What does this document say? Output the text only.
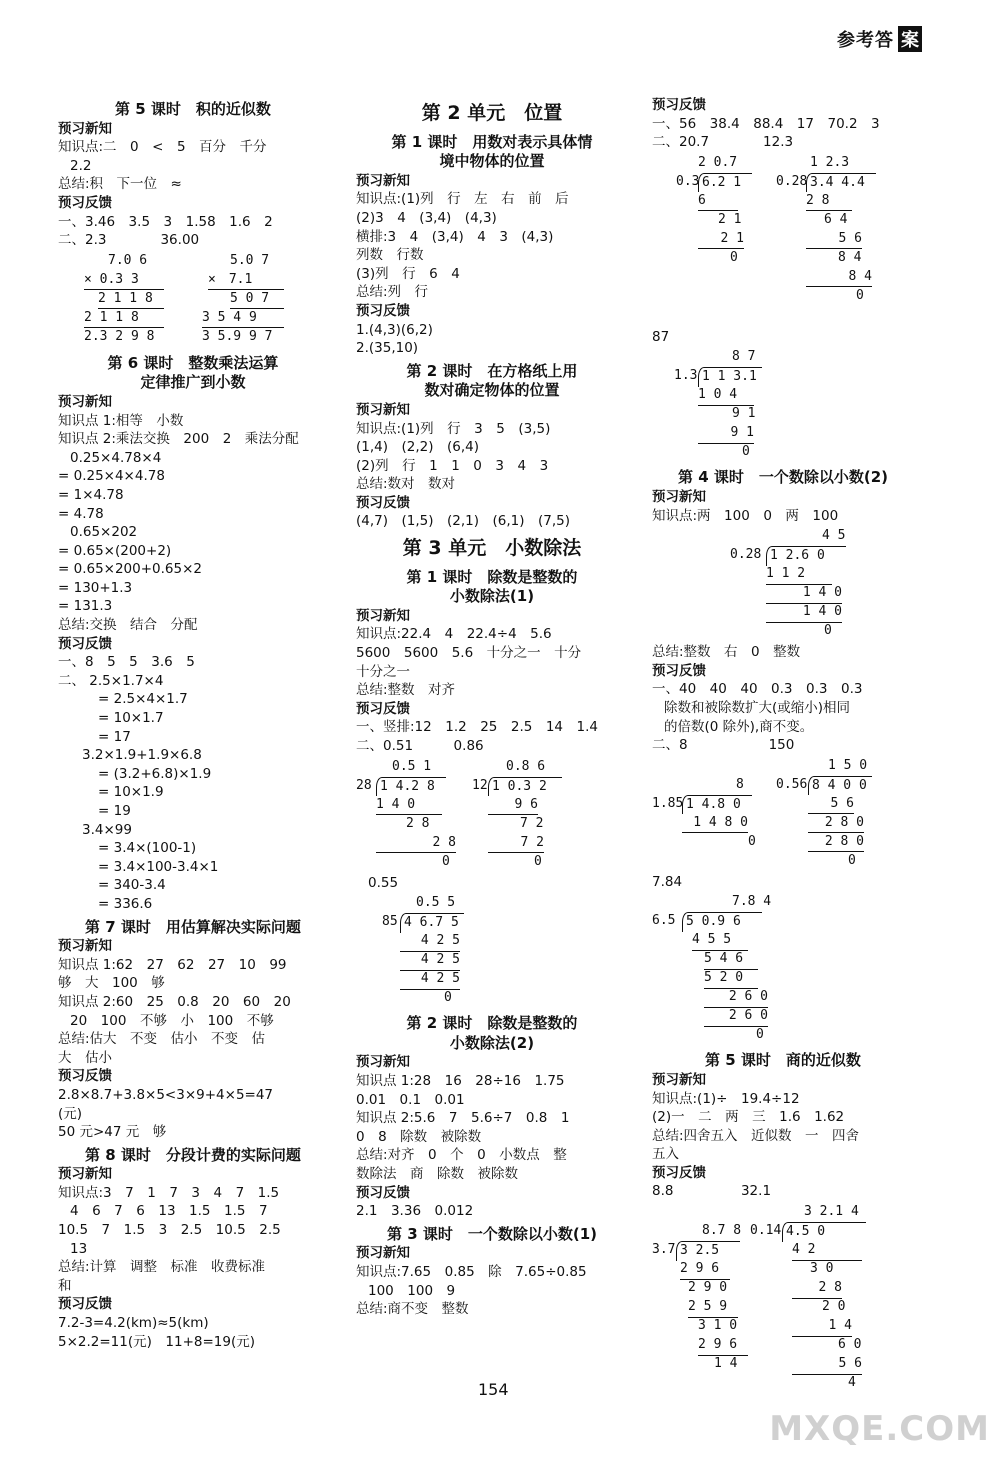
参考答 案
第 5 课时　积的近似数
预习新知
知识点:二　0　<　5　百分　千分
2.2
总结:积　下一位　≈
预习反馈
一、3.46　3.5　3　1.58　1.6　2
二、2.3　　　　36.00
7.0 6
× 0.3 3
2 1 1 8
2 1 1 8
2.3 2 9 8
5.0 7
×　7.1
5 0 7
3 5 4 9
3 5.9 9 7
第 6 课时　整数乘法运算
定律推广到小数
预习新知
知识点 1:相等　小数
知识点 2:乘法交换　200　2　乘法分配
0.25×4.78×4
= 0.25×4×4.78
= 1×4.78
= 4.78
0.65×202
= 0.65×(200+2)
= 0.65×200+0.65×2
= 130+1.3
= 131.3
总结:交换　结合　分配
预习反馈
一、8　5　5　3.6　5
二、 2.5×1.7×4
= 2.5×4×1.7
= 10×1.7
= 17
3.2×1.9+1.9×6.8
= (3.2+6.8)×1.9
= 10×1.9
= 19
3.4×99
= 3.4×(100-1)
= 3.4×100-3.4×1
= 340-3.4
= 336.6
第 7 课时　用估算解决实际问题
预习新知
知识点 1:62　27　62　27　10　99
够　大　100　够
知识点 2:60　25　0.8　20　60　20
20　100　不够　小　100　不够
总结:估大　不变　估小　不变　估
大　估小
预习反馈
2.8×8.7+3.8×5<3×9+4×5=47
(元)
50 元>47 元　够
第 8 课时　分段计费的实际问题
预习新知
知识点:3　7　1　7　3　4　7　1.5
4　6　7　6　13　1.5　1.5　7
10.5　7　1.5　3　2.5　10.5　2.5
13
总结:计算　调整　标准　收费标准
和
预习反馈
7.2-3=4.2(km)≈5(km)
5×2.2=11(元)　11+8=19(元)
第 2 单元　位置
第 1 课时　用数对表示具体情
境中物体的位置
预习新知
知识点:(1)列　行　左　右　前　后
(2)3　4　(3,4)　(4,3)
横排:3　4　(3,4)　4　3　(4,3)
列数　行数
(3)列　行　6　4
总结:列　行
预习反馈
1.(4,3)(6,2)
2.(35,10)
第 2 课时　在方格纸上用
数对确定物体的位置
预习新知
知识点:(1)列　行　3　5　(3,5)
(1,4)　(2,2)　(6,4)
(2)列　行　1　1　0　3　4　3
总结:数对　数对
预习反馈
(4,7)　(1,5)　(2,1)　(6,1)　(7,5)
第 3 单元　小数除法
第 1 课时　除数是整数的
小数除法(1)
预习新知
知识点:22.4　4　22.4÷4　5.6
5600　5600　5.6　十分之一　十分
十分之一
总结:整数　对齐
预习反馈
一、竖排:12　1.2　25　2.5　14　1.4
二、0.51　　　0.86
0.5 1
28 1 4.2 8
1 4 0
2 8
2 8
0
0.8 6
12 1 0.3 2
9 6
7 2
7 2
0
0.55
0.5 5
85 4 6.7 5
4 2 5
4 2 5
4 2 5
0
第 2 课时　除数是整数的
小数除法(2)
预习新知
知识点 1:28　16　28÷16　1.75
0.01　0.1　0.01
知识点 2:5.6　7　5.6÷7　0.8　1
0　8　除数　被除数
总结:对齐　0　个　0　小数点　整
数除法　商　除数　被除数
预习反馈
2.1　3.36　0.012
第 3 课时　一个数除以小数(1)
预习新知
知识点:7.65　0.85　除　7.65÷0.85
100　100　9
总结:商不变　整数
预习反馈
一、56　38.4　88.4　17　70.2　3
二、20.7　　　　12.3
2 0.7
0.3 6.2 1
6
2 1
2 1
0
1 2.3
0.28 3.4 4.4
2 8
6 4
5 6
8 4
8 4
0
87
8 7
1.3 1 1 3.1
1 0 4
9 1
9 1
0
第 4 课时　一个数除以小数(2)
预习新知
知识点:两　100　0　两　100
4 5
0.28 1 2.6 0
1 1 2
1 4 0
1 4 0
0
总结:整数　右　0　整数
预习反馈
一、40　40　40　0.3　0.3　0.3
除数和被除数扩大(或缩小)相同
的倍数(0 除外),商不变。
二、8　　　　　　150
8
1.85 1 4.8 0
1 4 8 0
0
1 5 0
0.56 8 4 0 0
5 6
2 8 0
2 8 0
0
7.84
7.8 4
6.5 5 0.9 6
4 5 5
5 4 6
5 2 0
2 6 0
2 6 0
0
第 5 课时　商的近似数
预习新知
知识点:(1)÷　19.4÷12
(2)一　二　两　三　1.6　1.62
总结:四舍五入　近似数　一　四舍
五入
预习反馈
8.8　　　　　32.1
8.7 8
3.7 3 2.5
2 9 6
2 9 0
2 5 9
3 1 0
2 9 6
1 4
3 2.1 4
0.14 4.5 0
4 2
3 0
2 8
2 0
1 4
6 0
5 6
4
154
MXQE.COM
